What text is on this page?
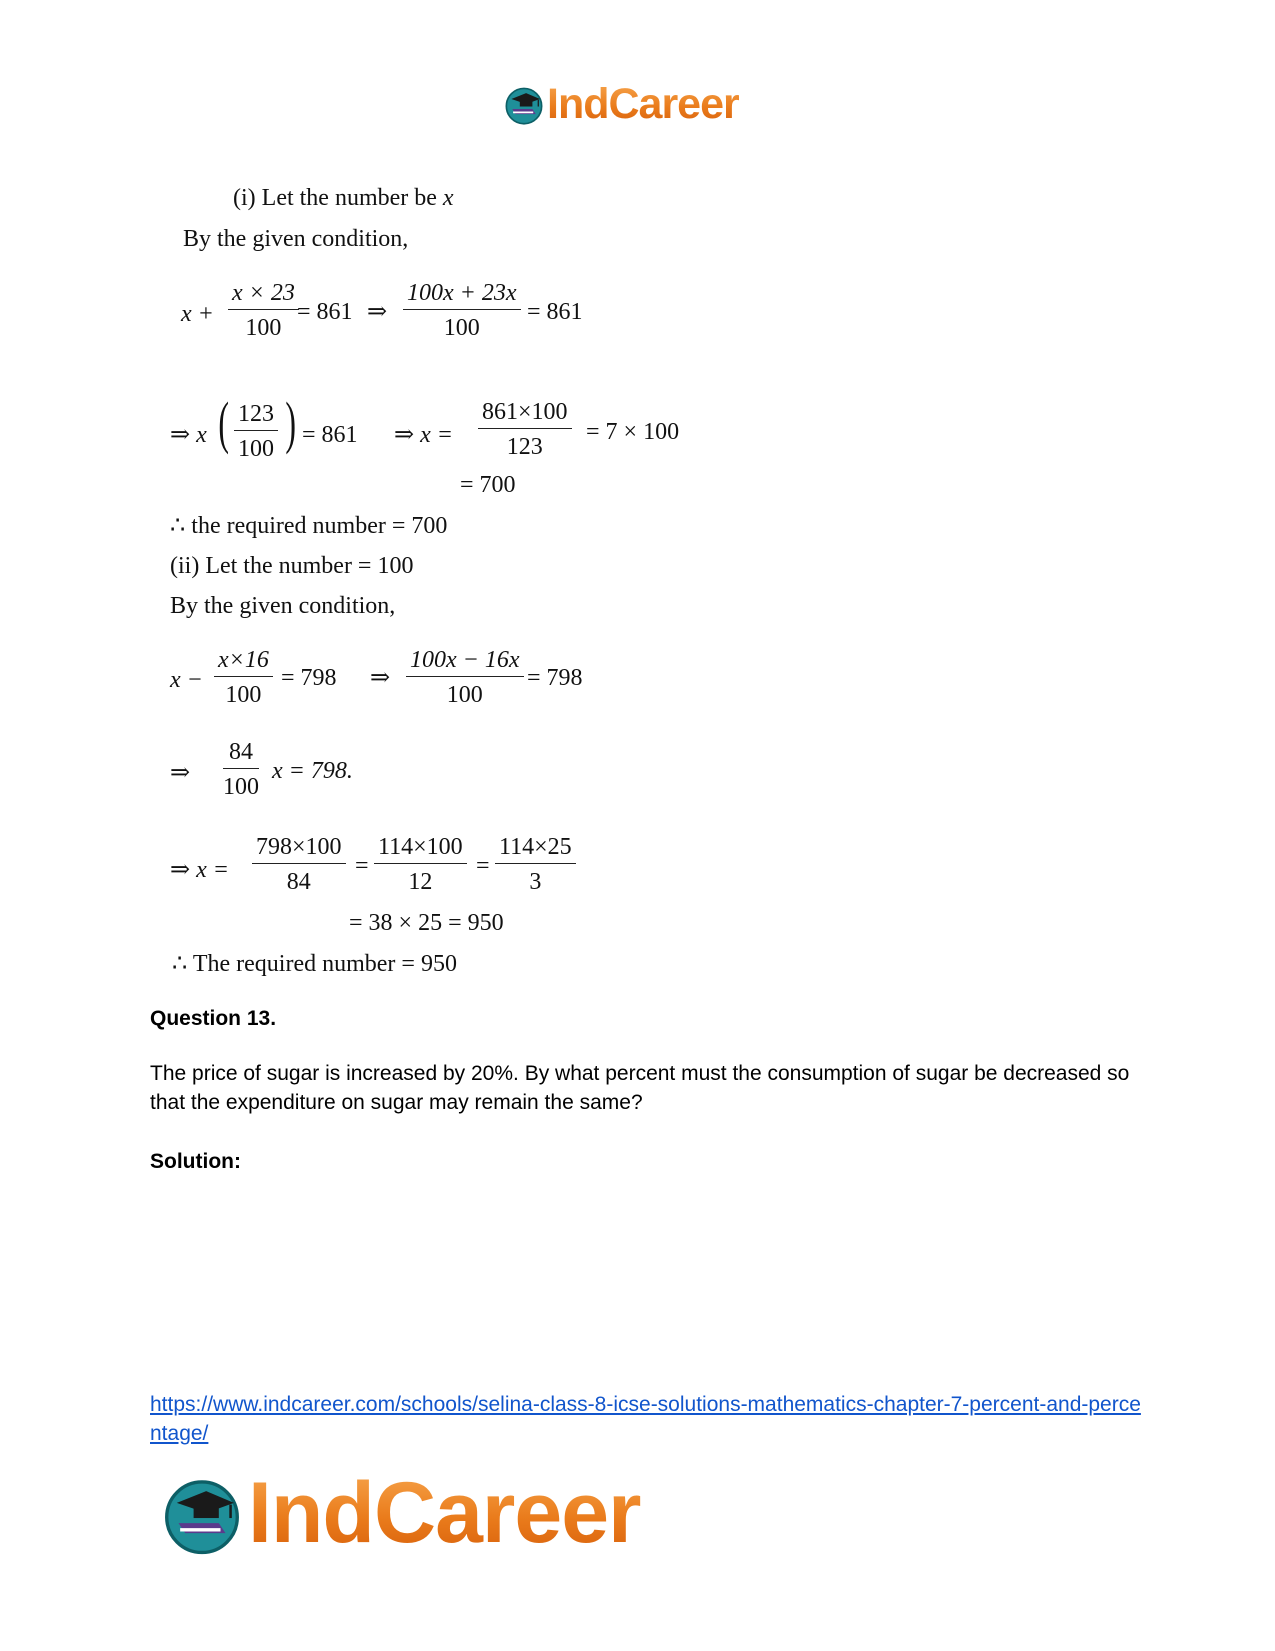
IndCareer
(i) Let the number be x
By the given condition,
$x + \frac{x \times 23}{100}$
= 861 ⇒ $\frac{100x + 23x}{100} = 861$
⇒ x ( $\frac{123}{100}$ ) = 861 ⇒ $x = \frac{861\times 100}{123} = 7 \times 100$
= 700
∴ the required number = 700
(ii) Let the number = 100
By the given condition,
$x - \frac{x\times 16}{100} = 798$ ⇒ $\frac{100x - 16x}{100} = 798$
⇒ $\frac{84}{100}$ x = 798.
⇒ $x = \frac{798\times 100}{84} = \frac{114\times 100}{12} = \frac{114\times 25}{3}$
= 38 × 25 = 950
∴ The required number = 950
Question 13.
The price of sugar is increased by 20%. By what percent must the consumption of sugar be decreased so that the expenditure on sugar may remain the same?
Solution:
https://www.indcareer.com/schools/selina-class-8-icse-solutions-mathematics-chapter-7-percent-and-percentage/
IndCareer
